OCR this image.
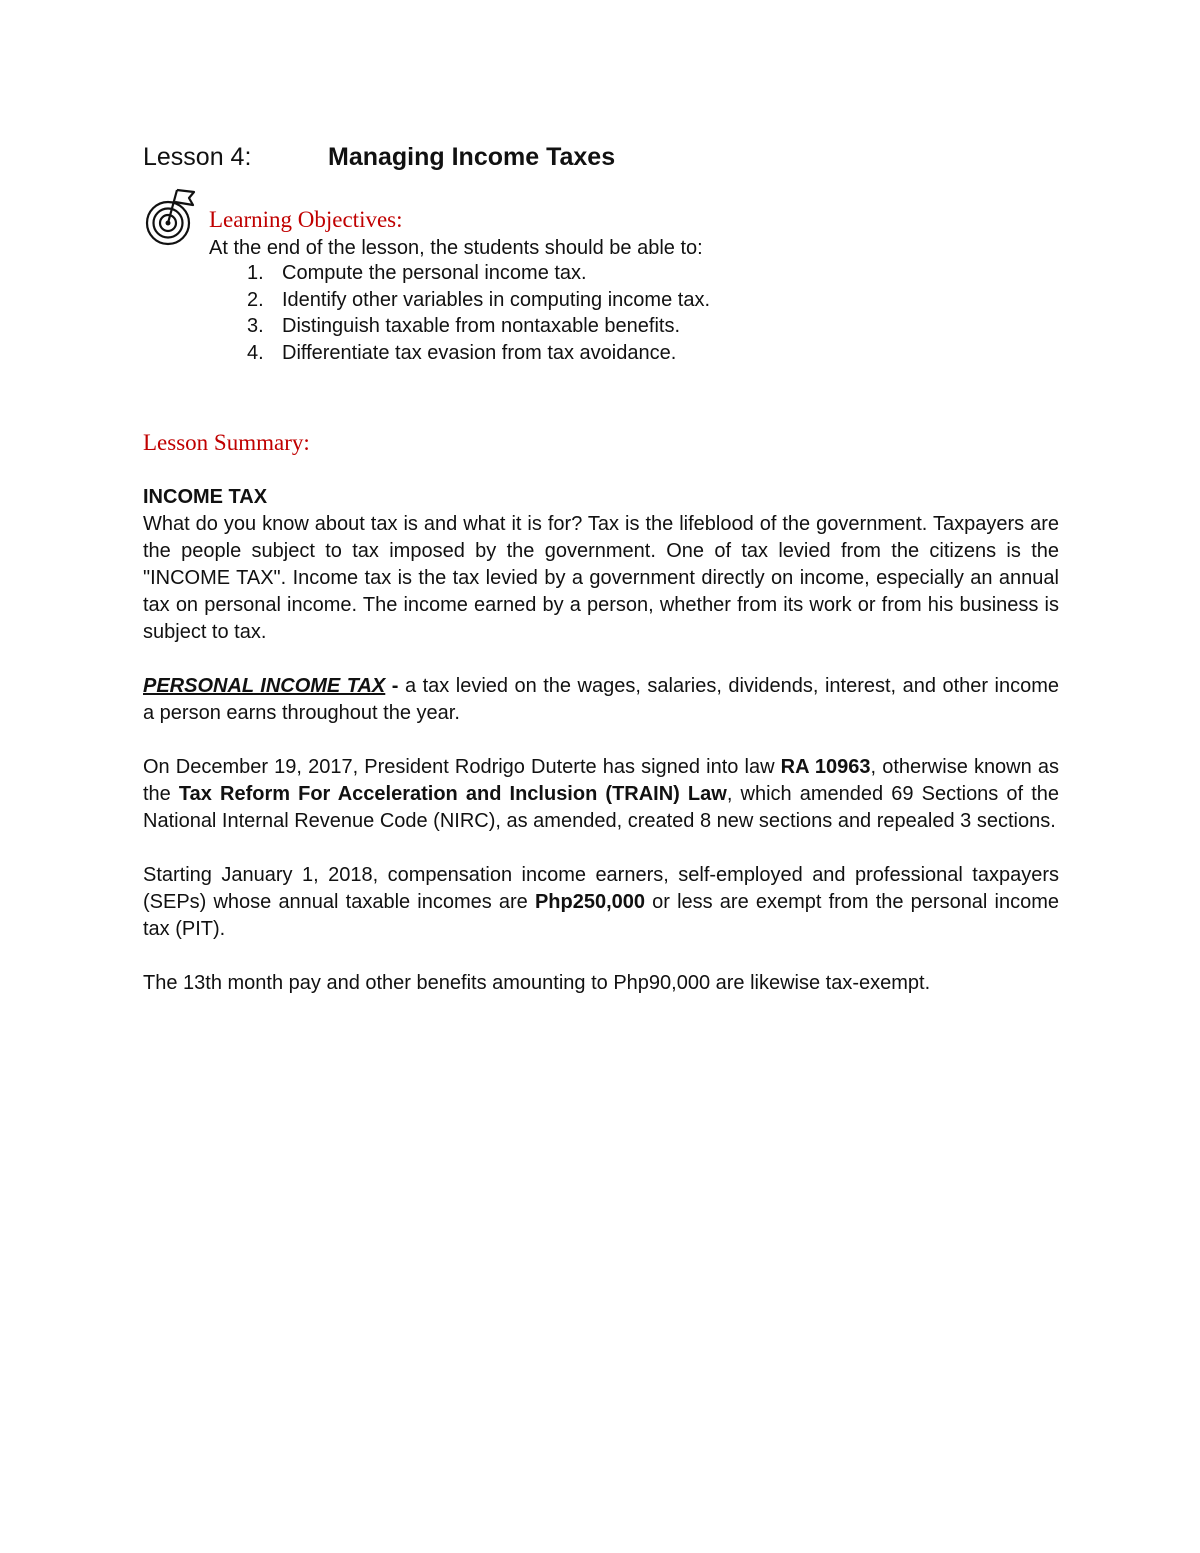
Lesson 4:	Managing Income Taxes
Learning Objectives:
At the end of the lesson, the students should be able to:
1. Compute the personal income tax.
2. Identify other variables in computing income tax.
3. Distinguish taxable from nontaxable benefits.
4. Differentiate tax evasion from tax avoidance.
Lesson Summary:
INCOME TAX

What do you know about tax is and what it is for? Tax is the lifeblood of the government. Taxpayers are the people subject to tax imposed by the government. One of tax levied from the citizens is the "INCOME TAX". Income tax is the tax levied by a government directly on income, especially an annual tax on personal income. The income earned by a person, whether from its work or from his business is subject to tax.

PERSONAL INCOME TAX - a tax levied on the wages, salaries, dividends, interest, and other income a person earns throughout the year.

On December 19, 2017, President Rodrigo Duterte has signed into law RA 10963, otherwise known as the Tax Reform For Acceleration and Inclusion (TRAIN) Law, which amended 69 Sections of the National Internal Revenue Code (NIRC), as amended, created 8 new sections and repealed 3 sections.

Starting January 1, 2018, compensation income earners, self-employed and professional taxpayers (SEPs) whose annual taxable incomes are Php250,000 or less are exempt from the personal income tax (PIT).

The 13th month pay and other benefits amounting to Php90,000 are likewise tax-exempt.
